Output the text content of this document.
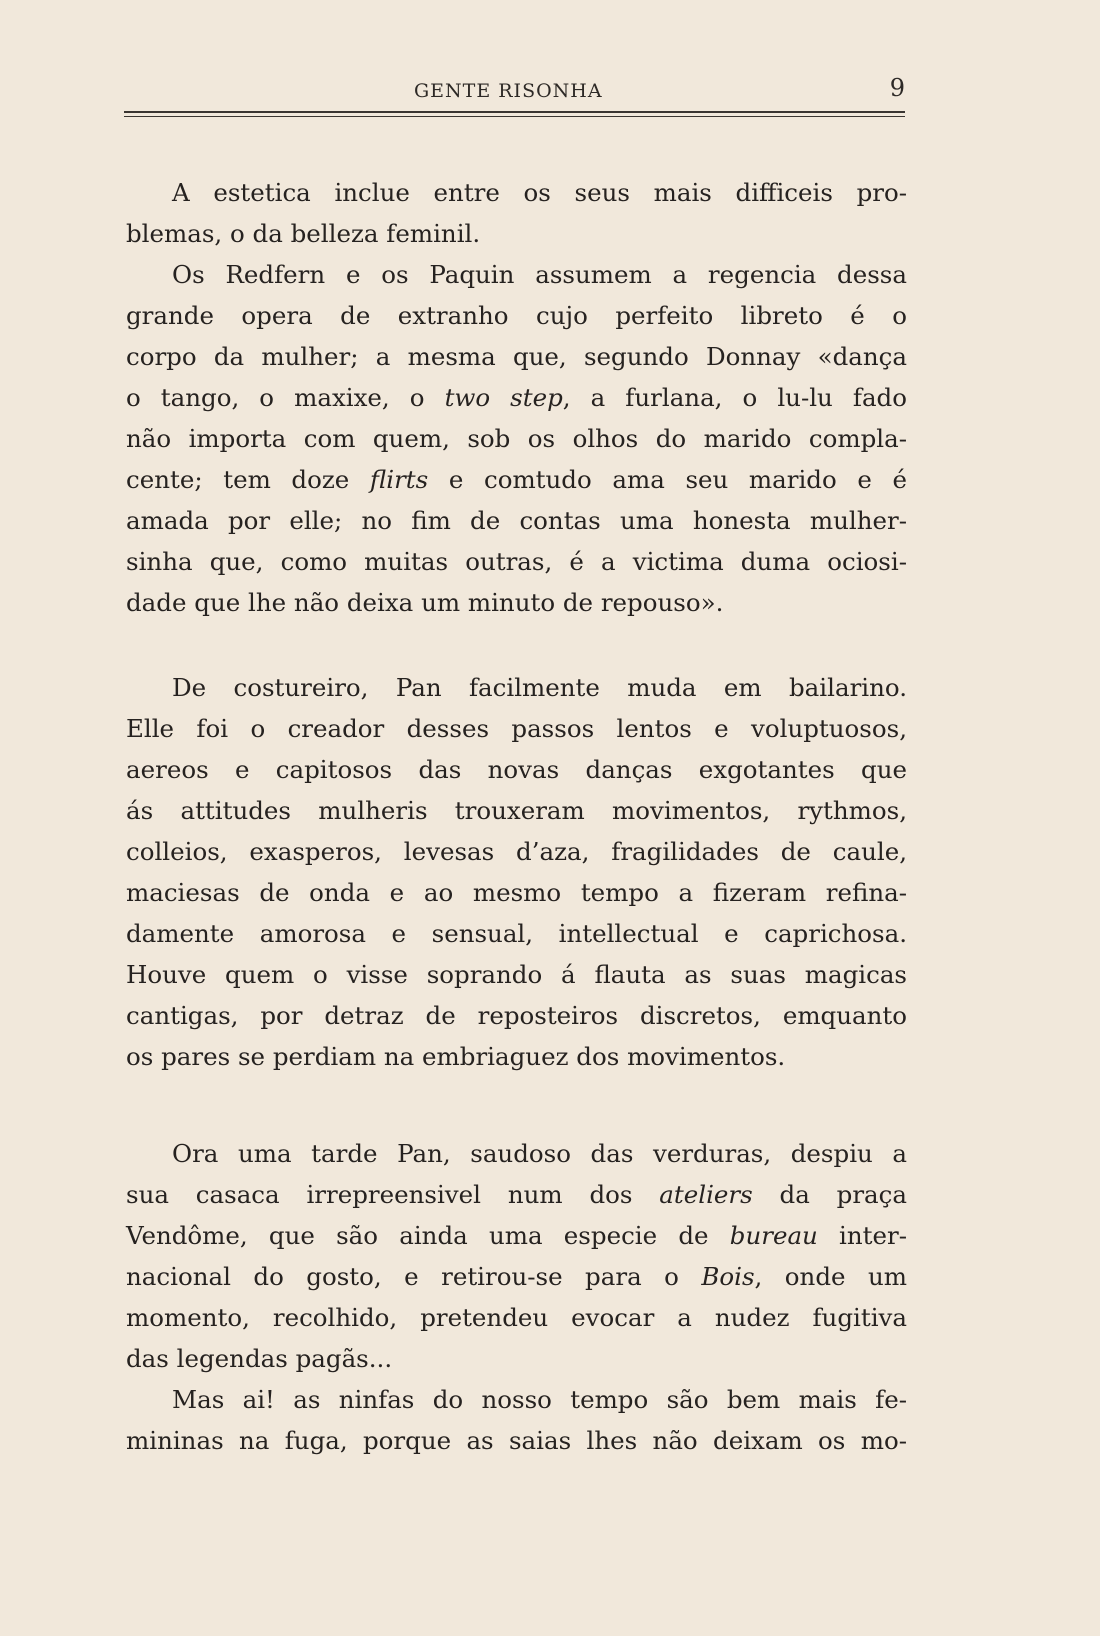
GENTE RISONHA	9
A estetica inclue entre os seus mais difficeis pro-
blemas, o da belleza feminil.
Os Redfern e os Paquin assumem a regencia dessa
grande opera de extranho cujo perfeito libreto é o
corpo da mulher; a mesma que, segundo Donnay «dança
o tango, o maxixe, o two step, a furlana, o lu-lu fado
não importa com quem, sob os olhos do marido compla-
cente; tem doze flirts e comtudo ama seu marido e é
amada por elle; no fim de contas uma honesta mulher-
sinha que, como muitas outras, é a victima duma ociosi-
dade que lhe não deixa um minuto de repouso».
De costureiro, Pan facilmente muda em bailarino.
Elle foi o creador desses passos lentos e voluptuosos,
aereos e capitosos das novas danças exgotantes que
ás attitudes mulheris trouxeram movimentos, rythmos,
colleios, exasperos, levesas d’aza, fragilidades de caule,
maciesas de onda e ao mesmo tempo a fizeram refina-
damente amorosa e sensual, intellectual e caprichosa.
Houve quem o visse soprando á flauta as suas magicas
cantigas, por detraz de reposteiros discretos, emquanto
os pares se perdiam na embriaguez dos movimentos.
Ora uma tarde Pan, saudoso das verduras, despiu a
sua casaca irrepreensivel num dos ateliers da praça
Vendôme, que são ainda uma especie de bureau inter-
nacional do gosto, e retirou-se para o Bois, onde um
momento, recolhido, pretendeu evocar a nudez fugitiva
das legendas pagãs...
Mas ai! as ninfas do nosso tempo são bem mais fe-
mininas na fuga, porque as saias lhes não deixam os mo-
